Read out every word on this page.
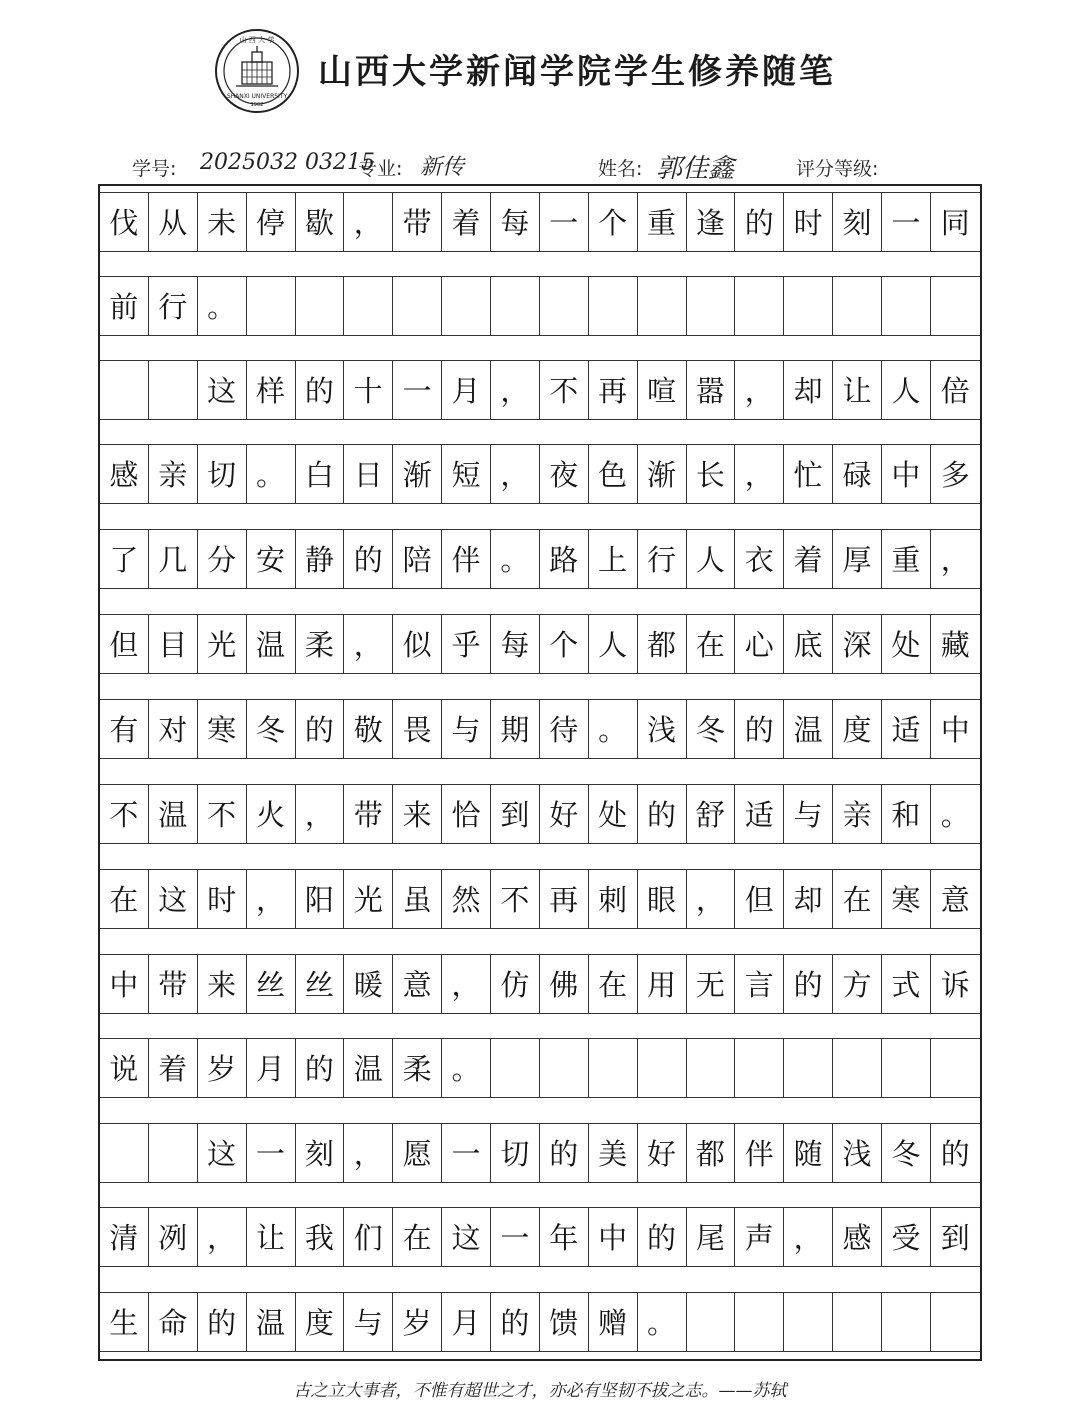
山 西 大 学
SHANXI UNIVERSITY
1902
山西大学新闻学院学生修养随笔
学号: 2025032 03215
专业: 新传	姓名: 郭佳鑫	评分等级:
伐 从 未 停 歇 ， 带 着 每 一 个 重 逢 的 时 刻 一 同
前 行 。
这 样 的 十 一 月 ， 不 再 喧 嚣 ， 却 让 人 倍
感 亲 切 。 白 日 渐 短 ， 夜 色 渐 长 ， 忙 碌 中 多
了 几 分 安 静 的 陪 伴 。 路 上 行 人 衣 着 厚 重 ，
但 目 光 温 柔 ， 似 乎 每 个 人 都 在 心 底 深 处 藏
有 对 寒 冬 的 敬 畏 与 期 待 。 浅 冬 的 温 度 适 中
不 温 不 火 ， 带 来 恰 到 好 处 的 舒 适 与 亲 和 。
在 这 时 ， 阳 光 虽 然 不 再 刺 眼 ， 但 却 在 寒 意
中 带 来 丝 丝 暖 意 ， 仿 佛 在 用 无 言 的 方 式 诉
说 着 岁 月 的 温 柔 。
这 一 刻 ， 愿 一 切 的 美 好 都 伴 随 浅 冬 的
清 冽 ， 让 我 们 在 这 一 年 中 的 尾 声 ， 感 受 到
生 命 的 温 度 与 岁 月 的 馈 赠 。
古之立大事者，不惟有超世之才，亦必有坚韧不拔之志。——苏轼
